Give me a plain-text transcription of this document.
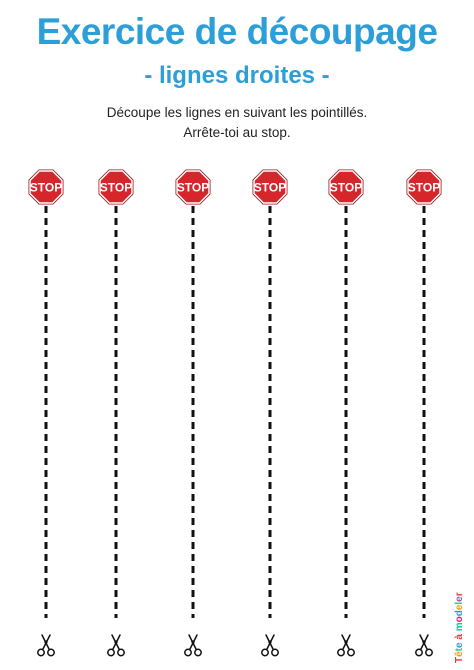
Exercice de découpage
- lignes droites -
Découpe les lignes en suivant les pointillés.
Arrête-toi au stop.
STOP	STOP	STOP	STOP	STOP	STOP
Tête à modeler
